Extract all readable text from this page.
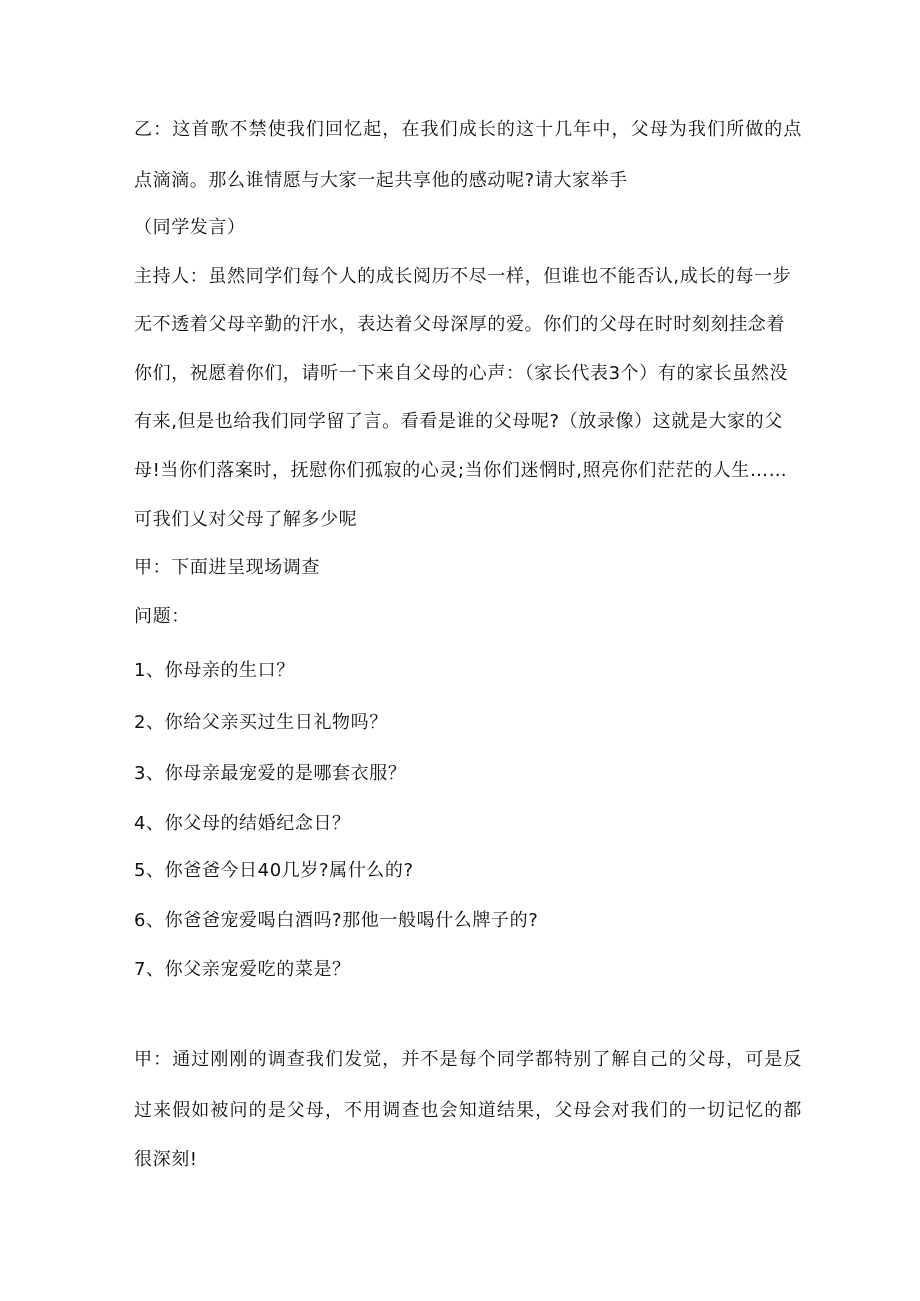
乙：这首歌不禁使我们回忆起，在我们成长的这十几年中，父母为我们所做的点
点滴滴。那么谁情愿与大家一起共享他的感动呢?请大家举手
（同学发言）
主持人：虽然同学们每个人的成长阅历不尽一样，但谁也不能否认,成长的每一步
无不透着父母辛勤的汗水，表达着父母深厚的爱。你们的父母在时时刻刻挂念着
你们，祝愿着你们，请听一下来自父母的心声：（家长代表3个）有的家长虽然没
有来,但是也给我们同学留了言。看看是谁的父母呢?（放录像）这就是大家的父
母!当你们落案时，抚慰你们孤寂的心灵;当你们迷惘时,照亮你们茫茫的人生……
可我们乂对父母了解多少呢
甲：下面进呈现场调查
问题：
1、你母亲的生口？
2、你给父亲买过生日礼物吗？
3、你母亲最宠爱的是哪套衣服？
4、你父母的结婚纪念日？
5、你爸爸今日40几岁?属什么的?
6、你爸爸宠爱喝白酒吗?那他一般喝什么牌子的?
7、你父亲宠爱吃的菜是？
甲：通过刚刚的调查我们发觉，并不是每个同学都特别了解自己的父母，可是反
过来假如被问的是父母，不用调查也会知道结果，父母会对我们的一切记忆的都
很深刻!
